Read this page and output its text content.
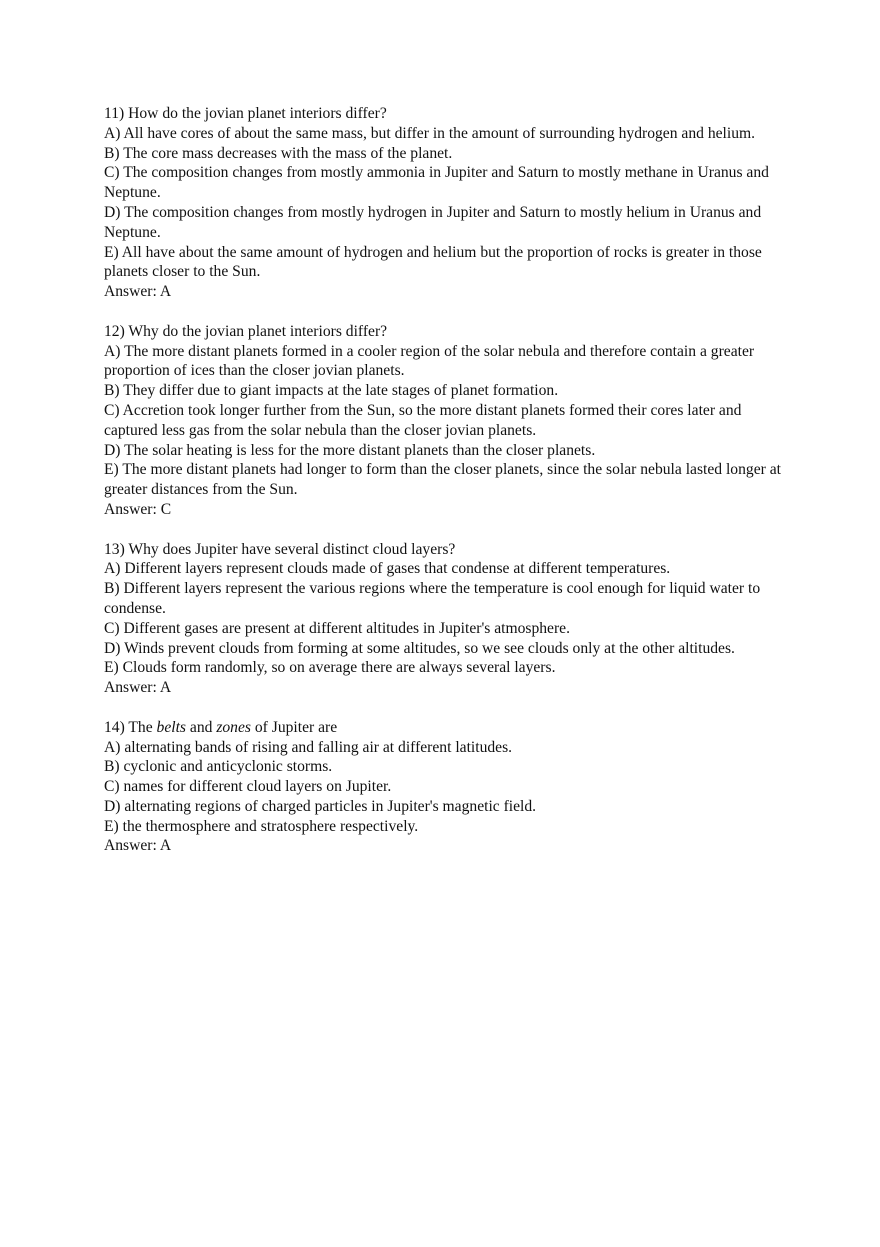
11) How do the jovian planet interiors differ?
A) All have cores of about the same mass, but differ in the amount of surrounding hydrogen and helium.
B) The core mass decreases with the mass of the planet.
C) The composition changes from mostly ammonia in Jupiter and Saturn to mostly methane in Uranus and Neptune.
D) The composition changes from mostly hydrogen in Jupiter and Saturn to mostly helium in Uranus and Neptune.
E) All have about the same amount of hydrogen and helium but the proportion of rocks is greater in those planets closer to the Sun.
Answer: A
12) Why do the jovian planet interiors differ?
A) The more distant planets formed in a cooler region of the solar nebula and therefore contain a greater proportion of ices than the closer jovian planets.
B) They differ due to giant impacts at the late stages of planet formation.
C) Accretion took longer further from the Sun, so the more distant planets formed their cores later and captured less gas from the solar nebula than the closer jovian planets.
D) The solar heating is less for the more distant planets than the closer planets.
E) The more distant planets had longer to form than the closer planets, since the solar nebula lasted longer at greater distances from the Sun.
Answer: C
13) Why does Jupiter have several distinct cloud layers?
A) Different layers represent clouds made of gases that condense at different temperatures.
B) Different layers represent the various regions where the temperature is cool enough for liquid water to condense.
C) Different gases are present at different altitudes in Jupiter's atmosphere.
D) Winds prevent clouds from forming at some altitudes, so we see clouds only at the other altitudes.
E) Clouds form randomly, so on average there are always several layers.
Answer: A
14) The belts and zones of Jupiter are
A) alternating bands of rising and falling air at different latitudes.
B) cyclonic and anticyclonic storms.
C) names for different cloud layers on Jupiter.
D) alternating regions of charged particles in Jupiter's magnetic field.
E) the thermosphere and stratosphere respectively.
Answer: A
